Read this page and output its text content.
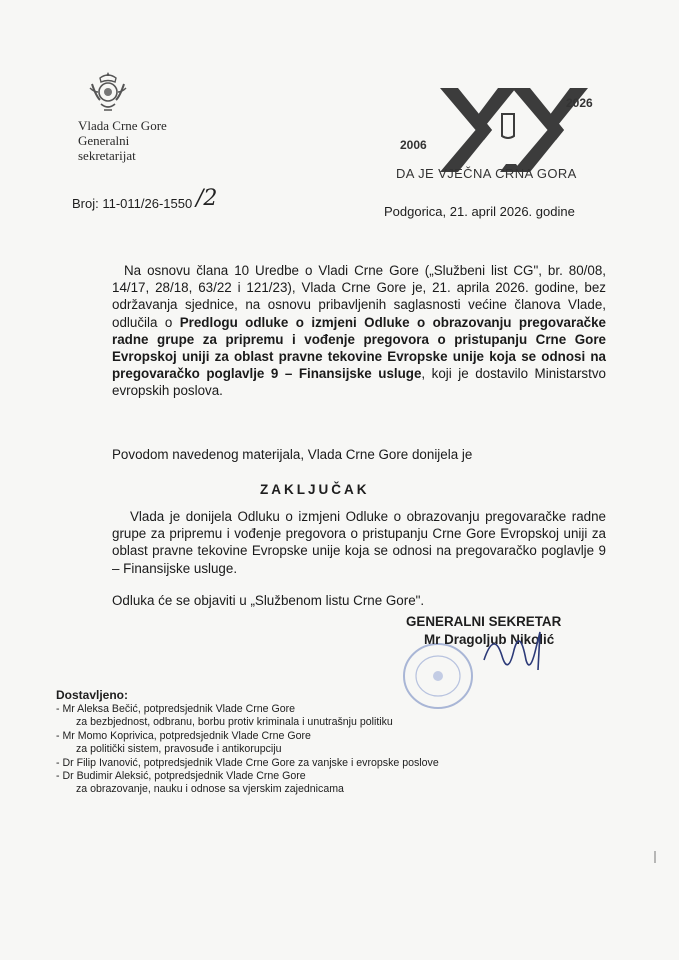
Vlada Crne Gore
Generalni
sekretarijat
2006
2026
DA JE VJEČNA CRNA GORA
Broj: 11-011/26-1550 /2
Podgorica, 21. april 2026. godine
Na osnovu člana 10 Uredbe o Vladi Crne Gore („Službeni list CG", br. 80/08, 14/17, 28/18, 63/22 i 121/23), Vlada Crne Gore je, 21. aprila 2026. godine, bez održavanja sjednice, na osnovu pribavljenih saglasnosti većine članova Vlade, odlučila o Predlogu odluke o izmjeni Odluke o obrazovanju pregovaračke radne grupe za pripremu i vođenje pregovora o pristupanju Crne Gore Evropskoj uniji za oblast pravne tekovine Evropske unije koja se odnosi na pregovaračko poglavlje 9 – Finansijske usluge, koji je dostavilo Ministarstvo evropskih poslova.
Povodom navedenog materijala, Vlada Crne Gore donijela je
ZAKLJUČAK
Vlada je donijela Odluku o izmjeni Odluke o obrazovanju pregovaračke radne grupe za pripremu i vođenje pregovora o pristupanju Crne Gore Evropskoj uniji za oblast pravne tekovine Evropske unije koja se odnosi na pregovaračko poglavlje 9 – Finansijske usluge.
Odluka će se objaviti u „Službenom listu Crne Gore".
GENERALNI SEKRETAR
Mr Dragoljub Nikolić
Dostavljeno:
- Mr Aleksa Bečić, potpredsjednik Vlade Crne Gore
za bezbjednost, odbranu, borbu protiv kriminala i unutrašnju politiku
- Mr Momo Koprivica, potpredsjednik Vlade Crne Gore
za politički sistem, pravosuđe i antikorupciju
- Dr Filip Ivanović, potpredsjednik Vlade Crne Gore za vanjske i evropske poslove
- Dr Budimir Aleksić, potpredsjednik Vlade Crne Gore
za obrazovanje, nauku i odnose sa vjerskim zajednicama
